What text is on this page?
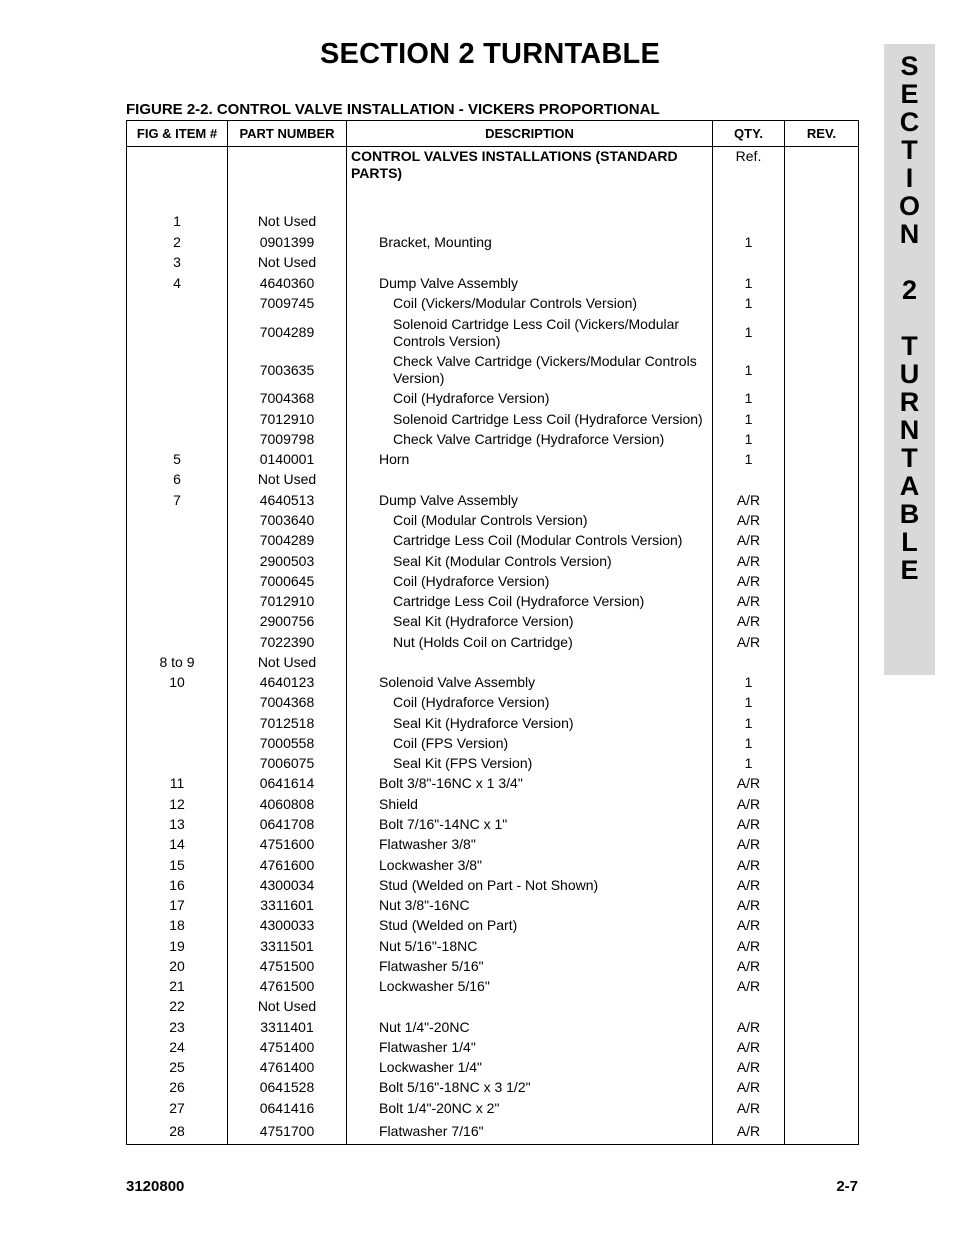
SECTION 2 TURNTABLE
FIGURE 2-2. CONTROL VALVE INSTALLATION - VICKERS PROPORTIONAL
S
E
C
T
I
O
N
2
T
U
R
N
T
A
B
L
E
FIG & ITEM #	PART NUMBER	DESCRIPTION	QTY.	REV.

		CONTROL VALVES INSTALLATIONS (STANDARD PARTS)	Ref.	
1	Not Used	

2	0901399	Bracket, Mounting	1	
3	Not Used	

4	4640360	Dump Valve Assembly	1	
	7009745	Coil (Vickers/Modular Controls Version)	1	
	7004289	Solenoid Cartridge Less Coil (Vickers/Modular Controls Version)	1	
	7003635	Check Valve Cartridge (Vickers/Modular Controls Version)	1	
	7004368	Coil (Hydraforce Version)	1	
	7012910	Solenoid Cartridge Less Coil (Hydraforce Version)	1	
	7009798	Check Valve Cartridge (Hydraforce Version)	1	
5	0140001	Horn	1	
6	Not Used	

7	4640513	Dump Valve Assembly	A/R	
	7003640	Coil (Modular Controls Version)	A/R	
	7004289	Cartridge Less Coil (Modular Controls Version)	A/R	
	2900503	Seal Kit (Modular Controls Version)	A/R	
	7000645	Coil (Hydraforce Version)	A/R	
	7012910	Cartridge Less Coil (Hydraforce Version)	A/R	
	2900756	Seal Kit (Hydraforce Version)	A/R	
	7022390	Nut (Holds Coil on Cartridge)	A/R	
8 to 9	Not Used	

10	4640123	Solenoid Valve Assembly	1	
	7004368	Coil (Hydraforce Version)	1	
	7012518	Seal Kit (Hydraforce Version)	1	
	7000558	Coil (FPS Version)	1	
	7006075	Seal Kit (FPS Version)	1	
11	0641614	Bolt 3/8"-16NC x 1 3/4"	A/R	
12	4060808	Shield	A/R	
13	0641708	Bolt 7/16"-14NC x 1"	A/R	
14	4751600	Flatwasher 3/8"	A/R	
15	4761600	Lockwasher 3/8"	A/R	
16	4300034	Stud (Welded on Part - Not Shown)	A/R	
17	3311601	Nut 3/8"-16NC	A/R	
18	4300033	Stud (Welded on Part)	A/R	
19	3311501	Nut 5/16"-18NC	A/R	
20	4751500	Flatwasher 5/16"	A/R	
21	4761500	Lockwasher 5/16"	A/R	
22	Not Used	

23	3311401	Nut 1/4"-20NC	A/R	
24	4751400	Flatwasher 1/4"	A/R	
25	4761400	Lockwasher 1/4"	A/R	
26	0641528	Bolt 5/16"-18NC x 3 1/2"	A/R	
27	0641416	Bolt 1/4"-20NC x 2"	A/R	
28	4751700	Flatwasher 7/16"	A/R	
3120800	2-7
